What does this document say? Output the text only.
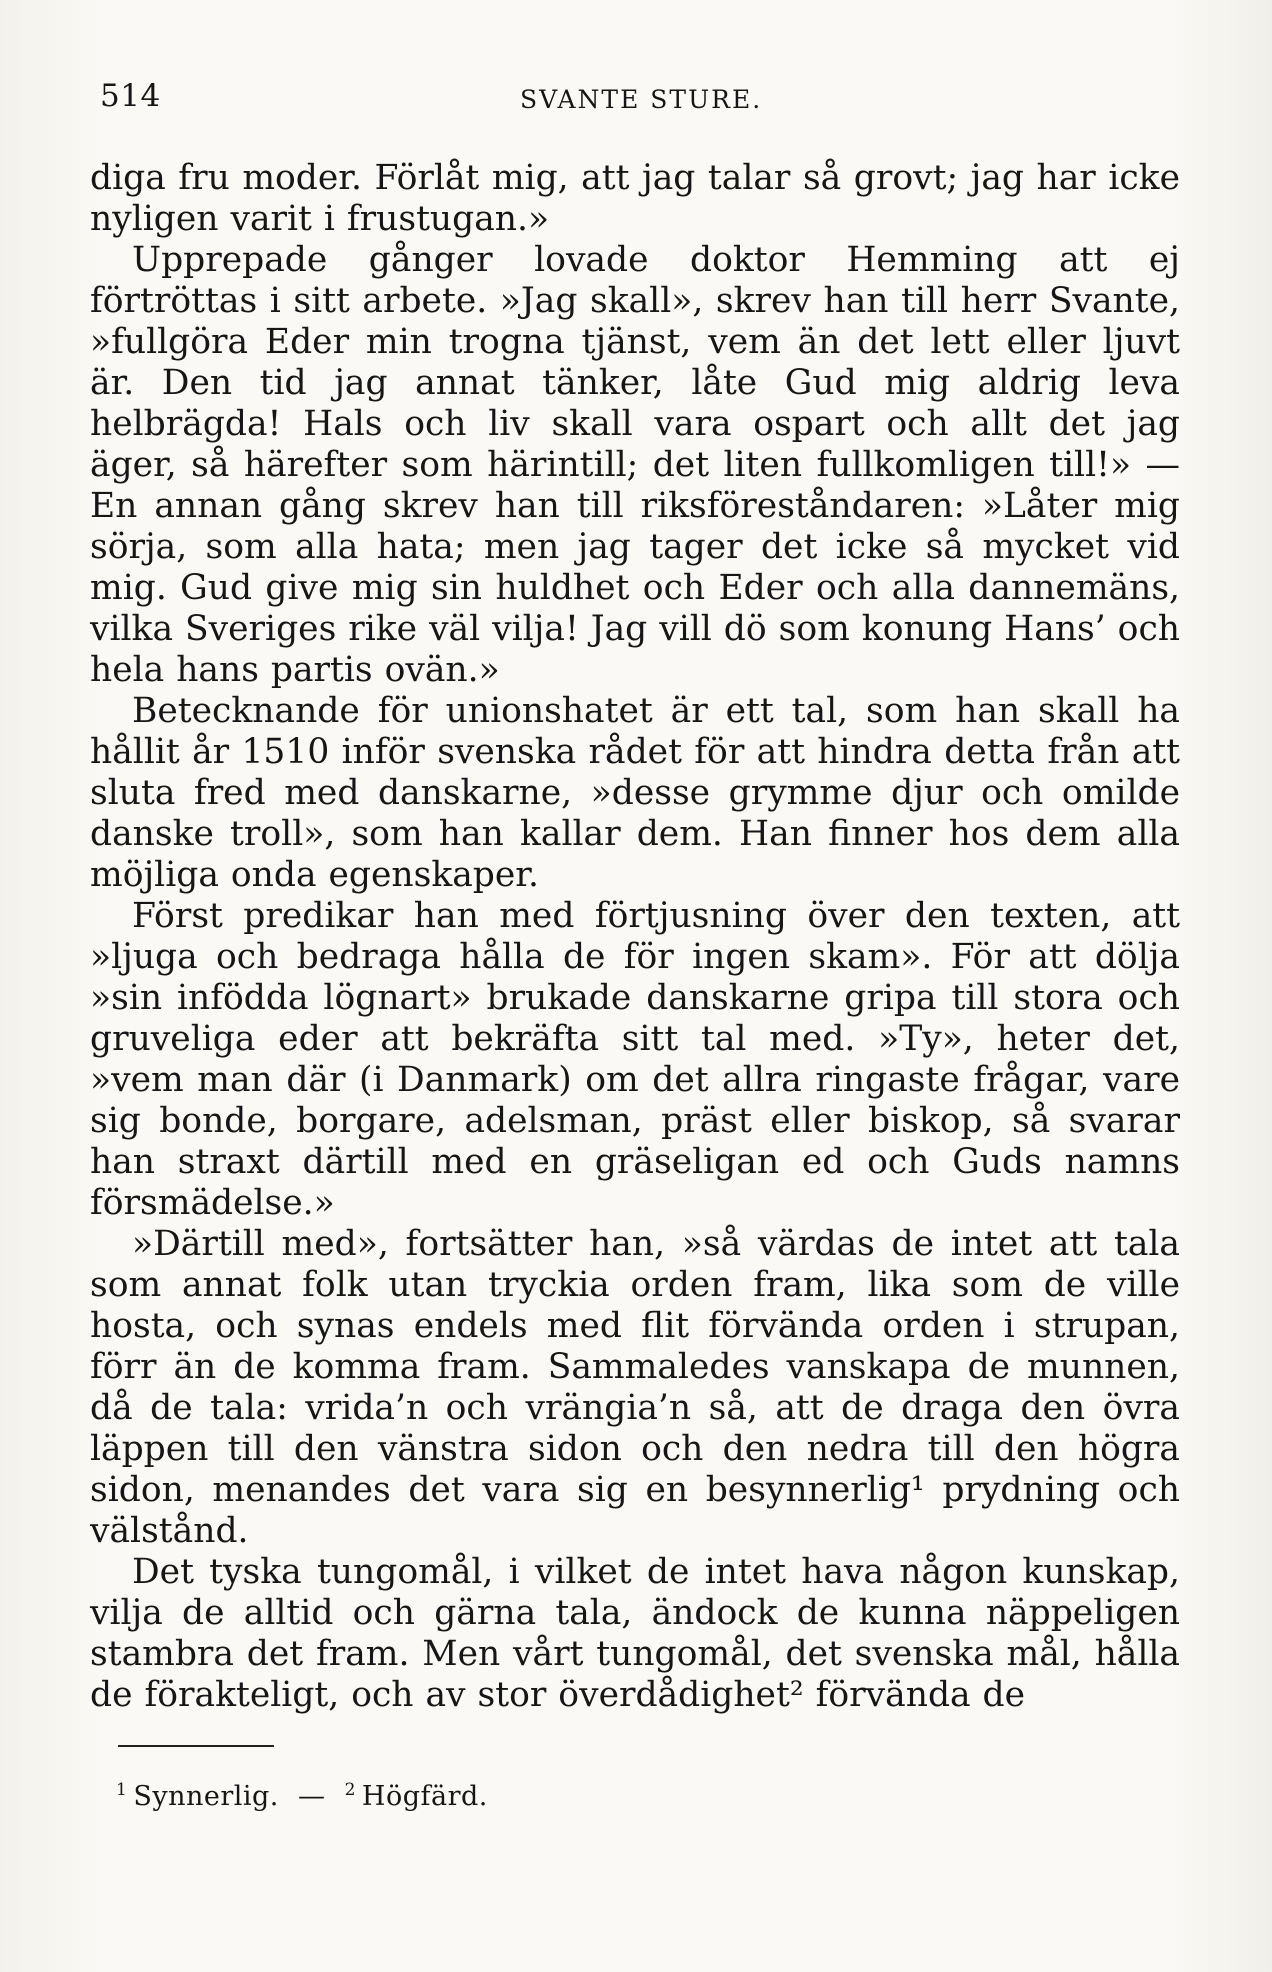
514	SVANTE STURE.

diga fru moder. Förlåt mig, att jag talar så grovt; jag har icke nyligen varit i frustugan.»

Upprepade gånger lovade doktor Hemming att ej förtröttas i sitt arbete. »Jag skall», skrev han till herr Svante, »fullgöra Eder min trogna tjänst, vem än det lett eller ljuvt är. Den tid jag annat tänker, låte Gud mig aldrig leva helbrägda! Hals och liv skall vara ospart och allt det jag äger, så härefter som härintill; det liten fullkomligen till!» — En annan gång skrev han till riksföreståndaren: »Låter mig sörja, som alla hata; men jag tager det icke så mycket vid mig. Gud give mig sin huldhet och Eder och alla dannemäns, vilka Sveriges rike väl vilja! Jag vill dö som konung Hans’ och hela hans partis ovän.»

Betecknande för unionshatet är ett tal, som han skall ha hållit år 1510 inför svenska rådet för att hindra detta från att sluta fred med danskarne, »desse grymme djur och omilde danske troll», som han kallar dem. Han finner hos dem alla möjliga onda egenskaper.

Först predikar han med förtjusning över den texten, att »ljuga och bedraga hålla de för ingen skam». För att dölja »sin infödda lögnart» brukade danskarne gripa till stora och gruveliga eder att bekräfta sitt tal med. »Ty», heter det, »vem man där (i Danmark) om det allra ringaste frågar, vare sig bonde, borgare, adelsman, präst eller biskop, så svarar han straxt därtill med en gräseligan ed och Guds namns försmädelse.»

»Därtill med», fortsätter han, »så värdas de intet att tala som annat folk utan tryckia orden fram, lika som de ville hosta, och synas endels med flit förvända orden i strupan, förr än de komma fram. Sammaledes vanskapa de munnen, då de tala: vrida’n och vrängia’n så, att de draga den övra läppen till den vänstra sidon och den nedra till den högra sidon, menandes det vara sig en besynnerlig¹ prydning och välstånd.

Det tyska tungomål, i vilket de intet hava någon kunskap, vilja de alltid och gärna tala, ändock de kunna näppeligen stambra det fram. Men vårt tungomål, det svenska mål, hålla de förakteligt, och av stor överdådighet² förvända de

$^1$ Synnerlig. — $^2$ Högfärd.
